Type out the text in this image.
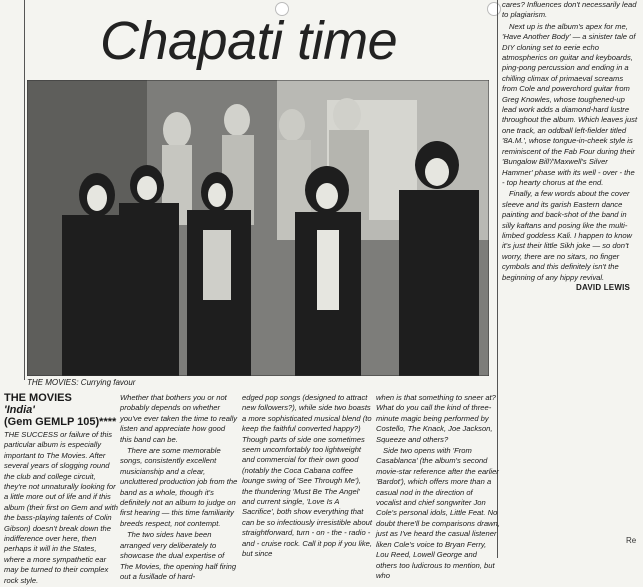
Chapati time
THE MOVIES: Currying favour
THE MOVIES
'India'
(Gem GEMLP 105)****

THE SUCCESS or failure of this particular album is especially important to The Movies. After several years of slogging round the club and college circuit, they're not unnaturally looking for a little more out of life and if this album (their first on Gem and with the bass-playing talents of Colin Gibson) doesn't break down the indifference over here, then perhaps it will in the States, where a more sympathetic ear may be turned to their complex rock style.

Whether that bothers you or not probably depends on whether you've ever taken the time to really listen and appreciate how good this band can be.

There are some memorable songs, consistently excellent musicianship and a clear, uncluttered production job from the band as a whole, though it's definitely not an album to judge on first hearing — this time familiarity breeds respect, not contempt.

The two sides have been arranged very deliberately to showcase the dual expertise of The Movies, the opening half firing out a fusillade of hard-

edged pop songs (designed to attract new followers?), while side two boasts a more sophisticated musical blend (to keep the faithful converted happy?) Though parts of side one sometimes seem uncomfortably too lightweight and commercial for their own good (notably the Coca Cabana coffee lounge swing of 'See Through Me'), the thundering 'Must Be The Angel' and current single, 'Love Is A Sacrifice', both show everything that can be so infectiously irresistible about straightforward, turn - on - the - radio - and - cruise rock. Call it pop if you like, but since

when is that something to sneer at? What do you call the kind of three-minute magic being performed by Costello, The Knack, Joe Jackson, Squeeze and others?

Side two opens with 'From Casablanca' (the album's second movie-star reference after the earlier 'Bardot'), which offers more than a casual nod in the direction of vocalist and chief songwriter Jon Cole's personal idols, Little Feat. No doubt there'll be comparisons drawn, just as I've heard the casual listener liken Cole's voice to Bryan Ferry, Lou Reed, Lowell George and others too ludicrous to mention, but who

cares? Influences don't necessarily lead to plagiarism.

Next up is the album's apex for me, 'Have Another Body' — a sinister tale of DIY cloning set to eerie echo atmospherics on guitar and keyboards, ping-pong percussion and ending in a chilling climax of primaeval screams from Cole and powerchord guitar from Greg Knowles, whose toughened-up lead work adds a diamond-hard lustre throughout the album. Which leaves just one track, an oddball left-fielder titled '8A.M.', whose tongue-in-cheek style is reminiscent of the Fab Four during their 'Bungalow Bill'/'Maxwell's Silver Hammer' phase with its well - over - the - top hearty chorus at the end.

Finally, a few words about the cover sleeve and its garish Eastern dance painting and back-shot of the band in silly kaftans and posing like the multi-limbed goddess Kali. I happen to know it's just their little Sikh joke — so don't worry, there are no sitars, no finger cymbols and this definitely isn't the beginning of any hippy revival.

DAVID LEWIS
Re
